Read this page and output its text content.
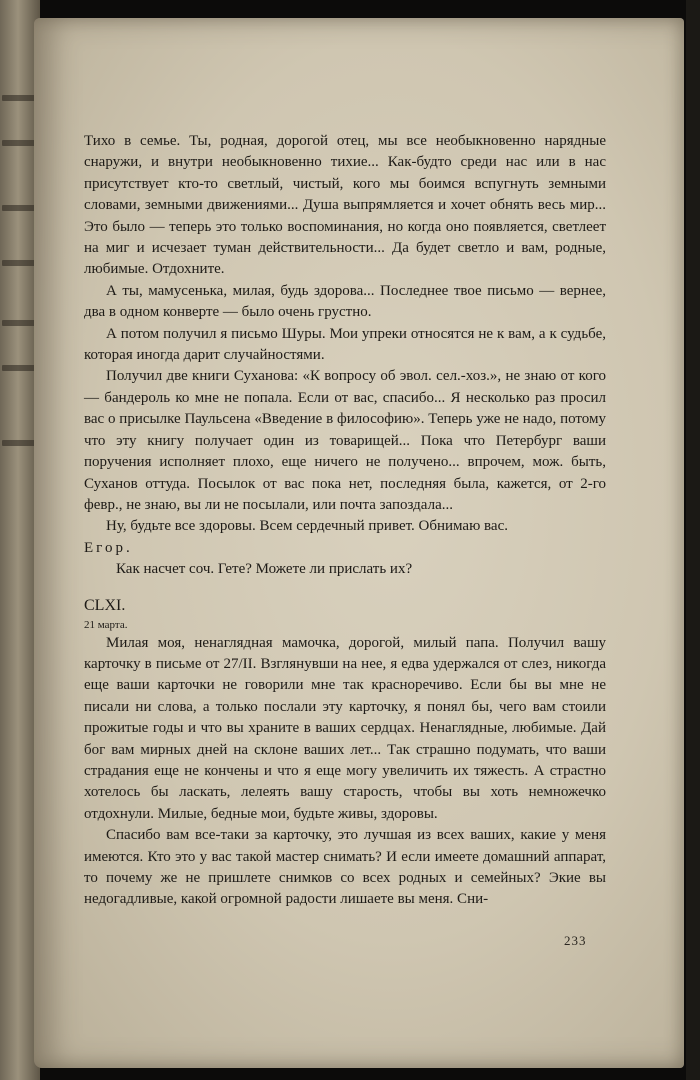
Тихо в семье. Ты, родная, дорогой отец, мы все необыкновенно нарядные снаружи, и внутри необыкновенно тихие... Как-будто среди нас или в нас присутствует кто-то светлый, чистый, кого мы боимся вспугнуть земными словами, земными движениями... Душа выпрямляется и хочет обнять весь мир... Это было — теперь это только воспоминания, но когда оно появляется, светлеет на миг и исчезает туман действительности... Да будет светло и вам, родные, любимые. Отдохните.

А ты, мамусенька, милая, будь здорова... Последнее твое письмо — вернее, два в одном конверте — было очень грустно.

А потом получил я письмо Шуры. Мои упреки относятся не к вам, а к судьбе, которая иногда дарит случайностями.

Получил две книги Суханова: «К вопросу об эвол. сел.-хоз.», не знаю от кого — бандероль ко мне не попала. Если от вас, спасибо... Я несколько раз просил вас о присылке Паульсена «Введение в философию». Теперь уже не надо, потому что эту книгу получает один из товарищей... Пока что Петербург ваши поручения исполняет плохо, еще ничего не получено... впрочем, мож. быть, Суханов оттуда. Посылок от вас пока нет, последняя была, кажется, от 2-го февр., не знаю, вы ли не посылали, или почта запоздала...

Ну, будьте все здоровы. Всем сердечный привет. Обнимаю вас.

Егор.

Как насчет соч. Гете? Можете ли прислать их?

CLXI.

21 марта.

Милая моя, ненаглядная мамочка, дорогой, милый папа. Получил вашу карточку в письме от 27/II. Взглянувши на нее, я едва удержался от слез, никогда еще ваши карточки не говорили мне так красноречиво. Если бы вы мне не писали ни слова, а только послали эту карточку, я понял бы, чего вам стоили прожитые годы и что вы храните в ваших сердцах. Ненаглядные, любимые. Дай бог вам мирных дней на склоне ваших лет... Так страшно подумать, что ваши страдания еще не кончены и что я еще могу увеличить их тяжесть. А страстно хотелось бы ласкать, лелеять вашу старость, чтобы вы хоть немножечко отдохнули. Милые, бедные мои, будьте живы, здоровы.

Спасибо вам все-таки за карточку, это лучшая из всех ваших, какие у меня имеются. Кто это у вас такой мастер снимать? И если имеете домашний аппарат, то почему же не пришлете снимков со всех родных и семейных? Экие вы недогадливые, какой огромной радости лишаете вы меня. Сни-

233
